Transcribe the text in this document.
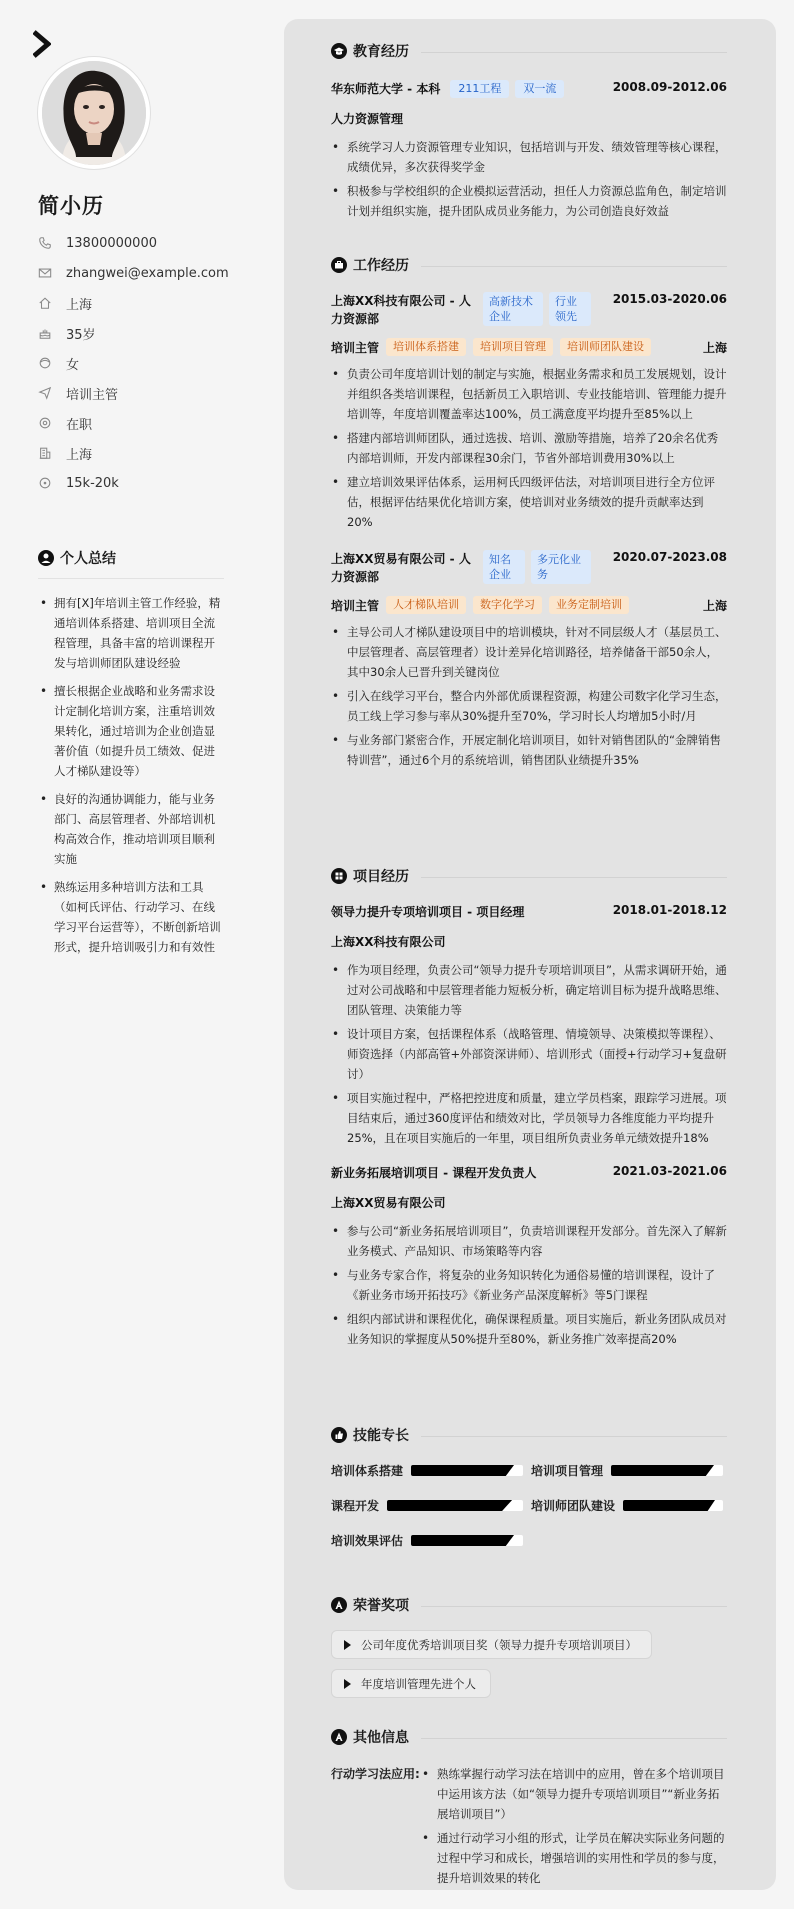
简小历
13800000000
zhangwei@example.com
上海
35岁
女
培训主管
在职
上海
15k-20k
个人总结
• 拥有[X]年培训主管工作经验，精通培训体系搭建、培训项目全流程管理，具备丰富的培训课程开发与培训师团队建设经验
• 擅长根据企业战略和业务需求设计定制化培训方案，注重培训效果转化，通过培训为企业创造显著价值（如提升员工绩效、促进人才梯队建设等）
• 良好的沟通协调能力，能与业务部门、高层管理者、外部培训机构高效合作，推动培训项目顺利实施
• 熟练运用多种培训方法和工具（如柯氏评估、行动学习、在线学习平台运营等），不断创新培训形式，提升培训吸引力和有效性
教育经历
华东师范大学 - 本科	211工程	双一流	2008.09-2012.06
人力资源管理
• 系统学习人力资源管理专业知识，包括培训与开发、绩效管理等核心课程，成绩优异，多次获得奖学金
• 积极参与学校组织的企业模拟运营活动，担任人力资源总监角色，制定培训计划并组织实施，提升团队成员业务能力，为公司创造良好效益
工作经历
上海XX科技有限公司 - 人力资源部
高新技术企业
行业领先
2015.03-2020.06
培训主管	培训体系搭建	培训项目管理	培训师团队建设	上海
• 负责公司年度培训计划的制定与实施，根据业务需求和员工发展规划，设计并组织各类培训课程，包括新员工入职培训、专业技能培训、管理能力提升培训等，年度培训覆盖率达100%，员工满意度平均提升至85%以上
• 搭建内部培训师团队，通过选拔、培训、激励等措施，培养了20余名优秀内部培训师，开发内部课程30余门，节省外部培训费用30%以上
• 建立培训效果评估体系，运用柯氏四级评估法，对培训项目进行全方位评估，根据评估结果优化培训方案，使培训对业务绩效的提升贡献率达到20%
上海XX贸易有限公司 - 人力资源部
知名企业
多元化业务
2020.07-2023.08
培训主管	人才梯队培训	数字化学习	业务定制培训	上海
• 主导公司人才梯队建设项目中的培训模块，针对不同层级人才（基层员工、中层管理者、高层管理者）设计差异化培训路径，培养储备干部50余人，其中30余人已晋升到关键岗位
• 引入在线学习平台，整合内外部优质课程资源，构建公司数字化学习生态，员工线上学习参与率从30%提升至70%，学习时长人均增加5小时/月
• 与业务部门紧密合作，开展定制化培训项目，如针对销售团队的“金牌销售特训营”，通过6个月的系统培训，销售团队业绩提升35%
项目经历
领导力提升专项培训项目 - 项目经理	2018.01-2018.12
上海XX科技有限公司
• 作为项目经理，负责公司“领导力提升专项培训项目”，从需求调研开始，通过对公司战略和中层管理者能力短板分析，确定培训目标为提升战略思维、团队管理、决策能力等
• 设计项目方案，包括课程体系（战略管理、情境领导、决策模拟等课程）、师资选择（内部高管+外部资深讲师）、培训形式（面授+行动学习+复盘研讨）
• 项目实施过程中，严格把控进度和质量，建立学员档案，跟踪学习进展。项目结束后，通过360度评估和绩效对比，学员领导力各维度能力平均提升25%，且在项目实施后的一年里，项目组所负责业务单元绩效提升18%
新业务拓展培训项目 - 课程开发负责人	2021.03-2021.06
上海XX贸易有限公司
• 参与公司“新业务拓展培训项目”，负责培训课程开发部分。首先深入了解新业务模式、产品知识、市场策略等内容
• 与业务专家合作，将复杂的业务知识转化为通俗易懂的培训课程，设计了《新业务市场开拓技巧》《新业务产品深度解析》等5门课程
• 组织内部试讲和课程优化，确保课程质量。项目实施后，新业务团队成员对业务知识的掌握度从50%提升至80%，新业务推广效率提高20%
技能专长
培训体系搭建	培训项目管理
课程开发	培训师团队建设
培训效果评估
荣誉奖项
公司年度优秀培训项目奖（领导力提升专项培训项目）
年度培训管理先进个人
其他信息
行动学习法应用:
•	熟练掌握行动学习法在培训中的应用，曾在多个培训项目中运用该方法（如“领导力提升专项培训项目”“新业务拓展培训项目”）
• 通过行动学习小组的形式，让学员在解决实际业务问题的过程中学习和成长，增强培训的实用性和学员的参与度，提升培训效果的转化
